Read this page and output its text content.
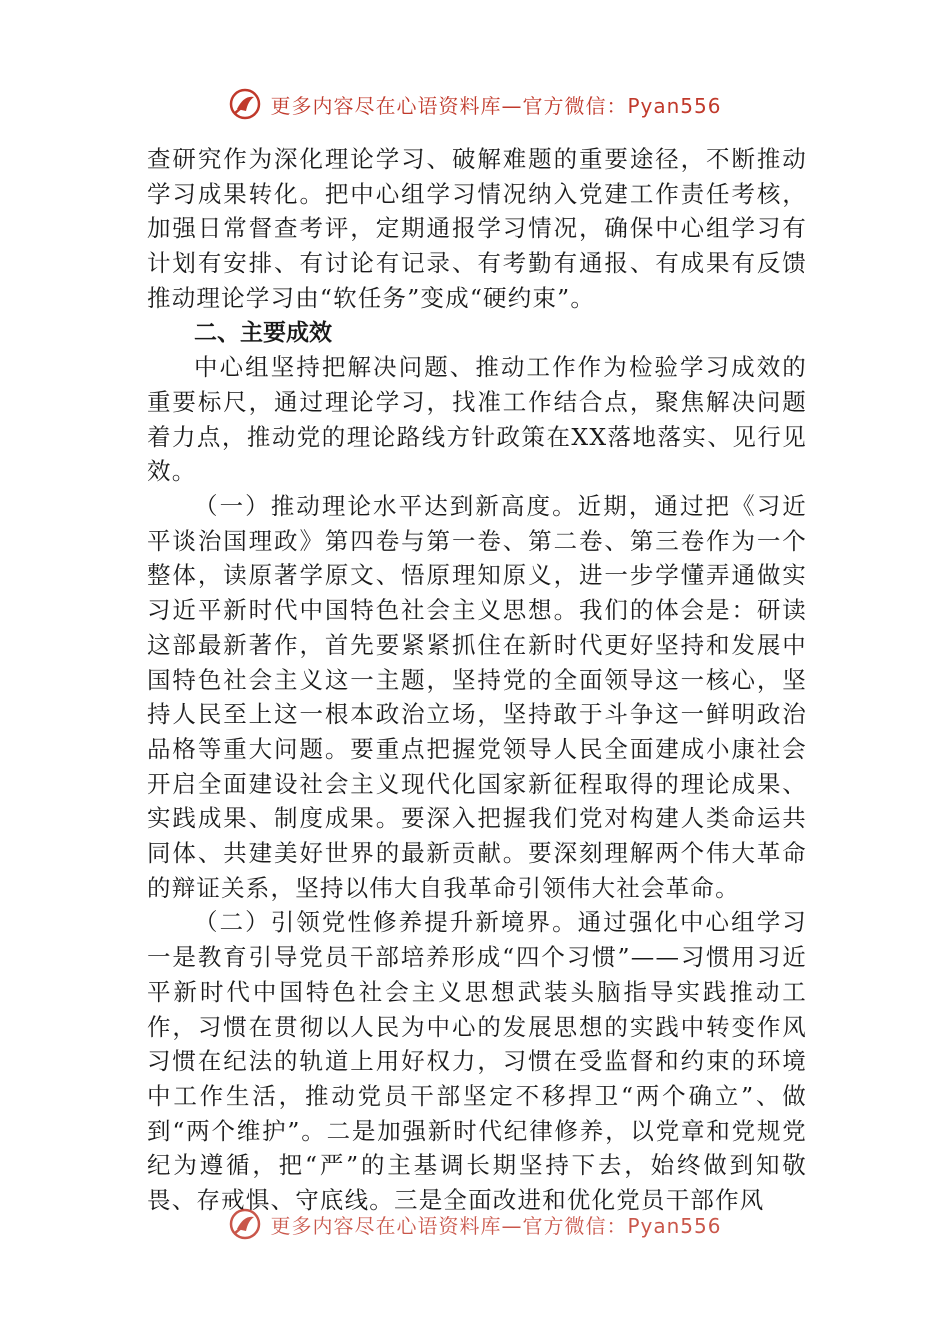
更多内容尽在心语资料库—官方微信：Pyan556

查研究作为深化理论学习、破解难题的重要途径，不断推动学习成果转化。把中心组学习情况纳入党建工作责任考核，加强日常督查考评，定期通报学习情况，确保中心组学习有计划有安排、有讨论有记录、有考勤有通报、有成果有反馈推动理论学习由“软任务”变成“硬约束”。

二、主要成效

中心组坚持把解决问题、推动工作作为检验学习成效的重要标尺，通过理论学习，找准工作结合点，聚焦解决问题着力点，推动党的理论路线方针政策在XX落地落实、见行见效。

（一）推动理论水平达到新高度。近期，通过把《习近平谈治国理政》第四卷与第一卷、第二卷、第三卷作为一个整体，读原著学原文、悟原理知原义，进一步学懂弄通做实习近平新时代中国特色社会主义思想。我们的体会是：研读这部最新著作，首先要紧紧抓住在新时代更好坚持和发展中国特色社会主义这一主题，坚持党的全面领导这一核心，坚持人民至上这一根本政治立场，坚持敢于斗争这一鲜明政治品格等重大问题。要重点把握党领导人民全面建成小康社会开启全面建设社会主义现代化国家新征程取得的理论成果、实践成果、制度成果。要深入把握我们党对构建人类命运共同体、共建美好世界的最新贡献。要深刻理解两个伟大革命的辩证关系，坚持以伟大自我革命引领伟大社会革命。

（二）引领党性修养提升新境界。通过强化中心组学习一是教育引导党员干部培养形成“四个习惯”——习惯用习近平新时代中国特色社会主义思想武装头脑指导实践推动工作，习惯在贯彻以人民为中心的发展思想的实践中转变作风习惯在纪法的轨道上用好权力，习惯在受监督和约束的环境中工作生活，推动党员干部坚定不移捍卫“两个确立”、做到“两个维护”。二是加强新时代纪律修养，以党章和党规党纪为遵循，把“严”的主基调长期坚持下去，始终做到知敬畏、存戒惧、守底线。三是全面改进和优化党员干部作风

更多内容尽在心语资料库—官方微信：Pyan556
